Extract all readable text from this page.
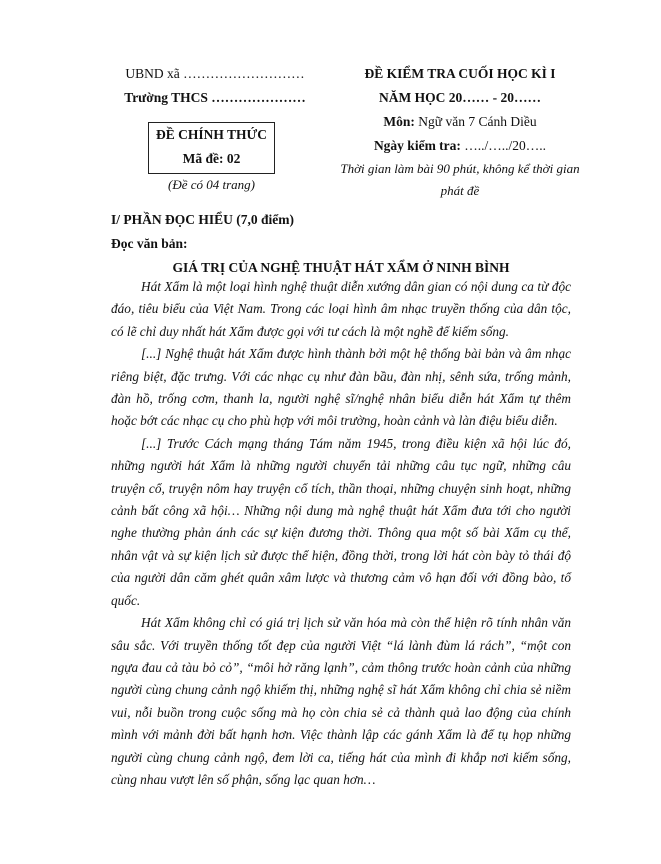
UBND xã ………………………
Trường THCS …………………
ĐỀ CHÍNH THỨC
Mã đề: 02
(Đề có 04 trang)
ĐỀ KIỂM TRA CUỐI HỌC KÌ I
NĂM HỌC 20…… - 20……
Môn: Ngữ văn 7 Cánh Diều
Ngày kiểm tra: …../…../20…..
Thời gian làm bài 90 phút, không kể thời gian phát đề
I/ PHẦN ĐỌC HIỂU (7,0 điểm)
Đọc văn bản:
GIÁ TRỊ CỦA NGHỆ THUẬT HÁT XẨM Ở NINH BÌNH

Hát Xẩm là một loại hình nghệ thuật diễn xướng dân gian có nội dung ca từ độc đáo, tiêu biểu của Việt Nam. Trong các loại hình âm nhạc truyền thống của dân tộc, có lẽ chỉ duy nhất hát Xẩm được gọi với tư cách là một nghề để kiếm sống.

[...] Nghệ thuật hát Xẩm được hình thành bởi một hệ thống bài bản và âm nhạc riêng biệt, đặc trưng. Với các nhạc cụ như đàn bầu, đàn nhị, sênh sứa, trống mảnh, đàn hồ, trống cơm, thanh la, người nghệ sĩ/nghệ nhân biểu diễn hát Xẩm tự thêm hoặc bớt các nhạc cụ cho phù hợp với môi trường, hoàn cảnh và làn điệu biểu diễn.

[...] Trước Cách mạng tháng Tám năm 1945, trong điều kiện xã hội lúc đó, những người hát Xẩm là những người chuyển tải những câu tục ngữ, những câu truyện cổ, truyện nôm hay truyện cổ tích, thần thoại, những chuyện sinh hoạt, những cảnh bất công xã hội… Những nội dung mà nghệ thuật hát Xẩm đưa tới cho người nghe thường phản ánh các sự kiện đương thời. Thông qua một số bài Xẩm cụ thể, nhân vật và sự kiện lịch sử được thể hiện, đồng thời, trong lời hát còn bày tỏ thái độ của người dân căm ghét quân xâm lược và thương cảm vô hạn đối với đồng bào, tổ quốc.

Hát Xẩm không chỉ có giá trị lịch sử văn hóa mà còn thể hiện rõ tính nhân văn sâu sắc. Với truyền thống tốt đẹp của người Việt “lá lành đùm lá rách”, “một con ngựa đau cả tàu bỏ cỏ”, “môi hở răng lạnh”, cảm thông trước hoàn cảnh của những người cùng chung cảnh ngộ khiếm thị, những nghệ sĩ hát Xẩm không chỉ chia sẻ niềm vui, nỗi buồn trong cuộc sống mà họ còn chia sẻ cả thành quả lao động của chính mình với mảnh đời bất hạnh hơn. Việc thành lập các gánh Xẩm là để tụ họp những người cùng chung cảnh ngộ, đem lời ca, tiếng hát của mình đi khắp nơi kiếm sống, cùng nhau vượt lên số phận, sống lạc quan hơn…
